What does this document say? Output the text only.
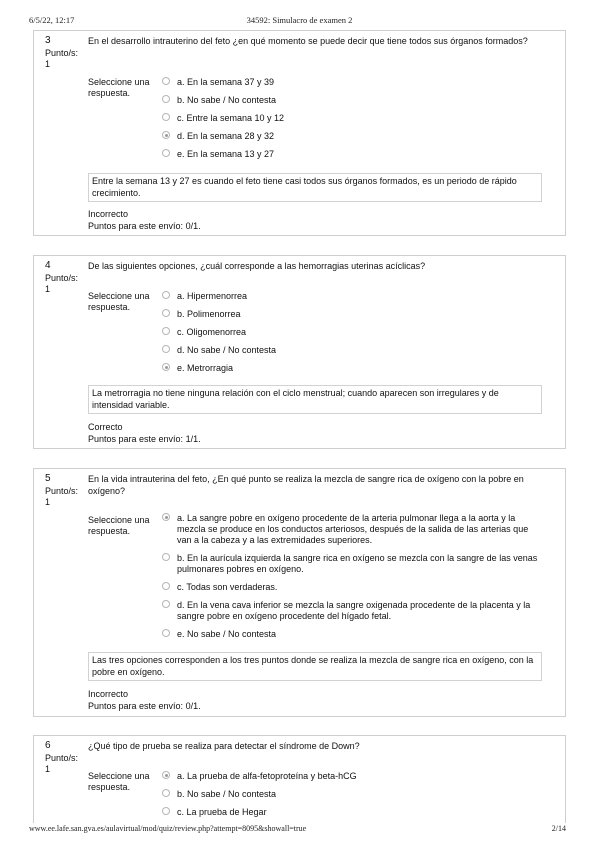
6/5/22, 12:17	34592: Simulacro de examen 2
3
Punto/s:
1
En el desarrollo intrauterino del feto ¿en qué momento se puede decir que tiene todos sus órganos formados?
Seleccione una respuesta.
a. En la semana 37 y 39
b. No sabe / No contesta
c. Entre la semana 10 y 12
d. En la semana 28 y 32
e. En la semana 13 y 27
Entre la semana 13 y 27 es cuando el feto tiene casi todos sus órganos formados, es un periodo de rápido crecimiento.
Incorrecto
Puntos para este envío: 0/1.
4
Punto/s:
1
De las siguientes opciones, ¿cuál corresponde a las hemorragias uterinas acíclicas?
Seleccione una respuesta.
a. Hipermenorrea
b. Polimenorrea
c. Oligomenorrea
d. No sabe / No contesta
e. Metrorragia
La metrorragia no tiene ninguna relación con el ciclo menstrual; cuando aparecen son irregulares y de intensidad variable.
Correcto
Puntos para este envío: 1/1.
5
Punto/s:
1
En la vida intrauterina del feto, ¿En qué punto se realiza la mezcla de sangre rica de oxígeno con la pobre en oxígeno?
Seleccione una respuesta.
a. La sangre pobre en oxígeno procedente de la arteria pulmonar llega a la aorta y la mezcla se produce en los conductos arteriosos, después de la salida de las arterias que van a la cabeza y a las extremidades superiores.
b. En la aurícula izquierda la sangre rica en oxígeno se mezcla con la sangre de las venas pulmonares pobres en oxígeno.
c. Todas son verdaderas.
d. En la vena cava inferior se mezcla la sangre oxigenada procedente de la placenta y la sangre pobre en oxígeno procedente del hígado fetal.
e. No sabe / No contesta
Las tres opciones corresponden a los tres puntos donde se realiza la mezcla de sangre rica en oxígeno, con la pobre en oxígeno.
Incorrecto
Puntos para este envío: 0/1.
6
Punto/s:
1
¿Qué tipo de prueba se realiza para detectar el síndrome de Down?
Seleccione una respuesta.
a. La prueba de alfa-fetoproteína y beta-hCG
b. No sabe / No contesta
c. La prueba de Hegar
www.ee.lafe.san.gva.es/aulavirtual/mod/quiz/review.php?attempt=8095&showall=true	2/14
